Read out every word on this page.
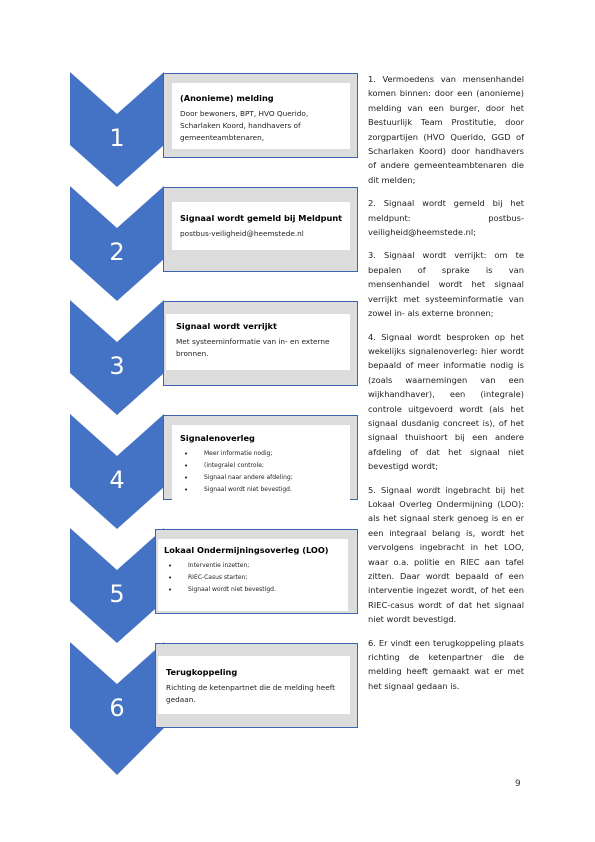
1
2
3
4
5
6

(Anonieme) melding

Door bewoners, BPT, HVO Querido, Scharlaken Koord, handhavers of gemeenteambtenaren,

Signaal wordt gemeld bij Meldpunt

postbus-veiligheid@heemstede.nl

Signaal wordt verrijkt

Met systeeminformatie van in- en externe bronnen.

Signalenoverleg

• Meer informatie nodig;
• (integrale) controle;
• Signaal naar andere afdeling;
• Signaal wordt niet bevestigd.

Lokaal Ondermijningsoverleg (LOO)

• Interventie inzetten;
• RIEC-Casus starten;
• Signaal wordt niet bevestigd.

Terugkoppeling

Richting de ketenpartnet die de melding heeft gedaan.

1. Vermoedens van mensenhandel komen binnen: door een (anonieme) melding van een burger, door het Bestuurlijk Team Prostitutie, door zorgpartijen (HVO Querido, GGD of Scharlaken Koord) door handhavers of andere gemeenteambtenaren die dit melden;

2. Signaal wordt gemeld bij het meldpunt: postbus-veiligheid@heemstede.nl;

3. Signaal wordt verrijkt: om te bepalen of sprake is van mensenhandel wordt het signaal verrijkt met systeeminformatie van zowel in- als externe bronnen;

4. Signaal wordt besproken op het wekelijks signalenoverleg: hier wordt bepaald of meer informatie nodig is (zoals waarnemingen van een wijkhandhaver), een (integrale) controle uitgevoerd wordt (als het signaal dusdanig concreet is), of het signaal thuishoort bij een andere afdeling of dat het signaal niet bevestigd wordt;

5. Signaal wordt ingebracht bij het Lokaal Overleg Ondermijning (LOO): als het signaal sterk genoeg is en er een integraal belang is, wordt het vervolgens ingebracht in het LOO, waar o.a. politie en RIEC aan tafel zitten. Daar wordt bepaald of een interventie ingezet wordt, of het een RIEC-casus wordt of dat het signaal niet wordt bevestigd.

6. Er vindt een terugkoppeling plaats richting de ketenpartner die de melding heeft gemaakt wat er met het signaal gedaan is.

9
